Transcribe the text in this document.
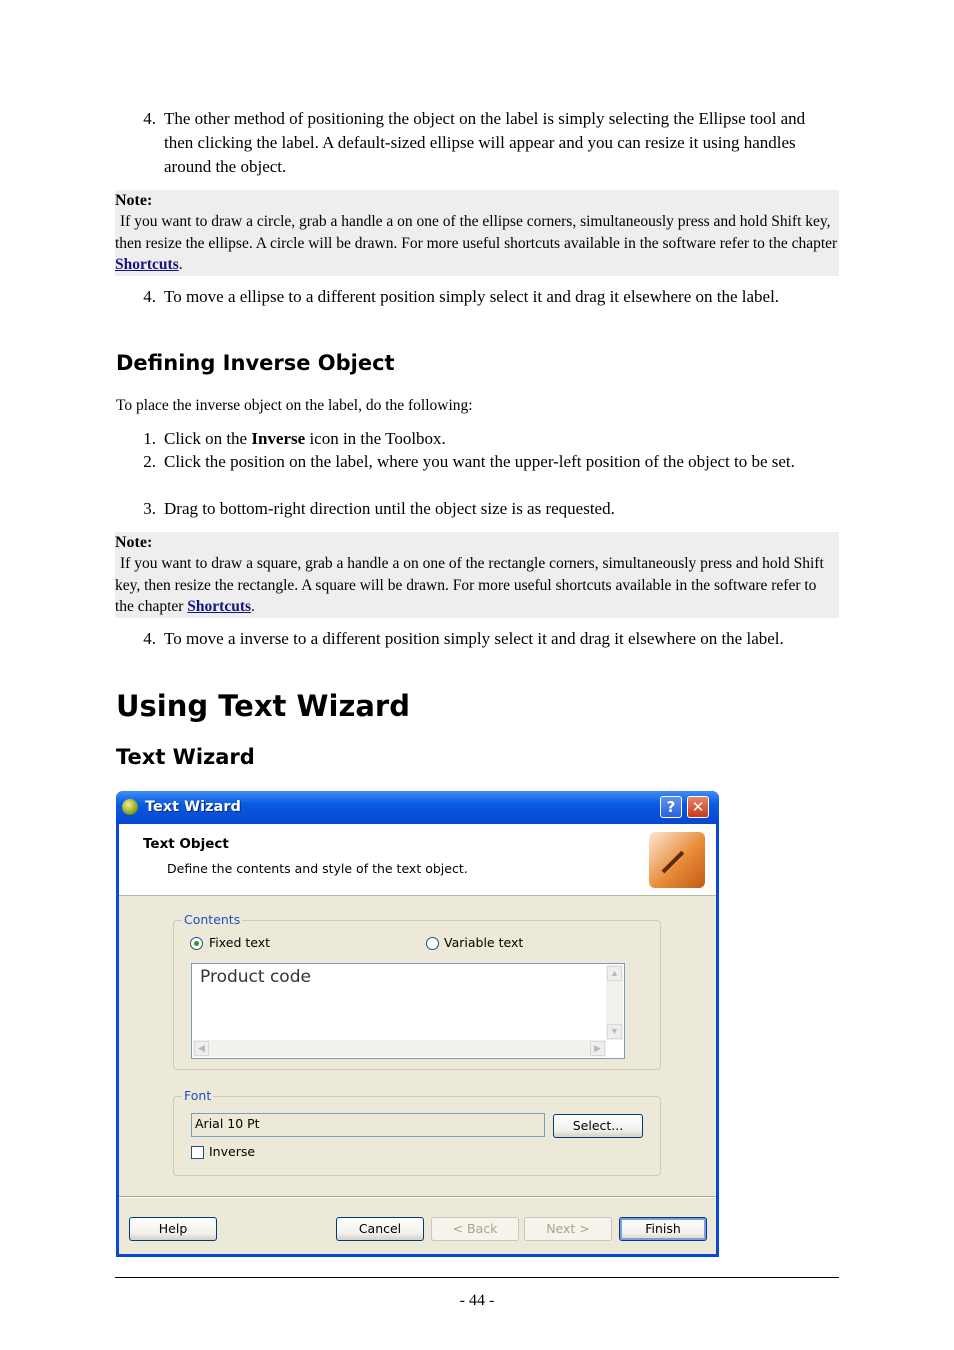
4. The other method of positioning the object on the label is simply selecting the Ellipse tool and then clicking the label. A default-sized ellipse will appear and you can resize it using handles around the object.
Note:
If you want to draw a circle, grab a handle a on one of the ellipse corners, simultaneously press and hold Shift key, then resize the ellipse. A circle will be drawn. For more useful shortcuts available in the software refer to the chapter Shortcuts.
4. To move a ellipse to a different position simply select it and drag it elsewhere on the label.
Defining Inverse Object
To place the inverse object on the label, do the following:
1. Click on the Inverse icon in the Toolbox.
2. Click the position on the label, where you want the upper-left position of the object to be set.
3. Drag to bottom-right direction until the object size is as requested.
Note:
If you want to draw a square, grab a handle a on one of the rectangle corners, simultaneously press and hold Shift key, then resize the rectangle. A square will be drawn. For more useful shortcuts available in the software refer to the chapter Shortcuts.
4. To move a inverse to a different position simply select it and drag it elsewhere on the label.
Using Text Wizard
Text Wizard
Text Wizard	?	✕
Text Object
Define the contents and style of the text object.
Contents
Fixed text	Variable text
Product code	▲
▼
◀	▶
Font
Arial 10 Pt	Select...
Inverse
Help	Cancel	< Back	Next >	Finish
- 44 -
